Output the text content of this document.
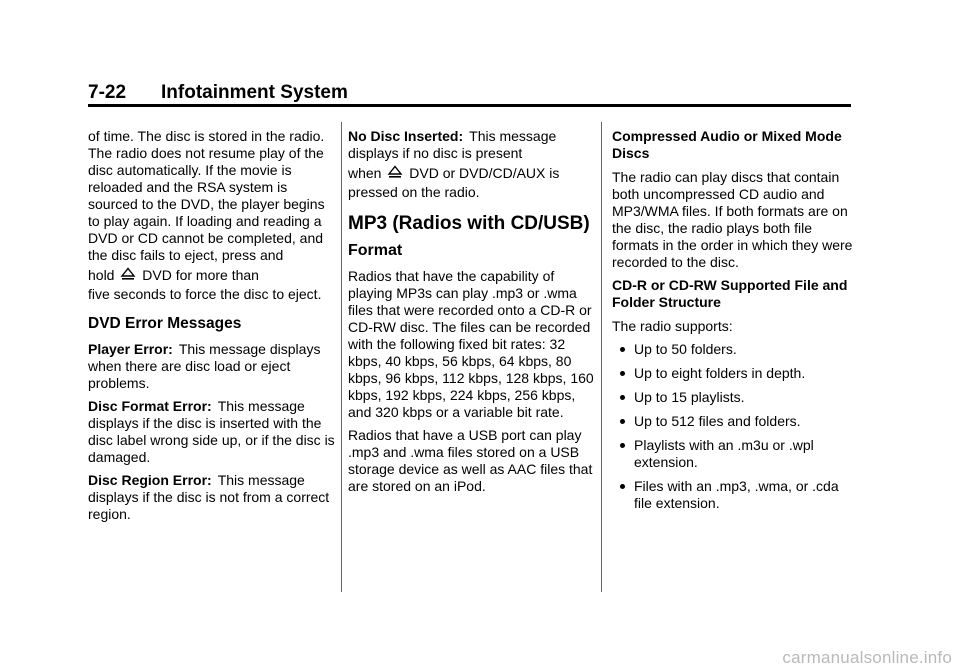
7-22 Infotainment System

of time. The disc is stored in the radio. The radio does not resume play of the disc automatically. If the movie is reloaded and the RSA system is sourced to the DVD, the player begins to play again. If loading and reading a DVD or CD cannot be completed, and the disc fails to eject, press and
hold DVD for more than
five seconds to force the disc to eject.

DVD Error Messages

Player Error: This message displays when there are disc load or eject problems.

Disc Format Error: This message displays if the disc is inserted with the disc label wrong side up, or if the disc is damaged.

Disc Region Error: This message displays if the disc is not from a correct region.

No Disc Inserted: This message displays if no disc is present
when DVD or DVD/CD/AUX is
pressed on the radio.

MP3 (Radios with CD/USB)
Format

Radios that have the capability of playing MP3s can play .mp3 or .wma files that were recorded onto a CD-R or CD-RW disc. The files can be recorded with the following fixed bit rates: 32 kbps, 40 kbps, 56 kbps, 64 kbps, 80 kbps, 96 kbps, 112 kbps, 128 kbps, 160 kbps, 192 kbps, 224 kbps, 256 kbps, and 320 kbps or a variable bit rate.

Radios that have a USB port can play .mp3 and .wma files stored on a USB storage device as well as AAC files that are stored on an iPod.

Compressed Audio or Mixed Mode Discs

The radio can play discs that contain both uncompressed CD audio and MP3/WMA files. If both formats are on the disc, the radio plays both file formats in the order in which they were recorded to the disc.

CD-R or CD-RW Supported File and Folder Structure

The radio supports:

Up to 50 folders.
Up to eight folders in depth.
Up to 15 playlists.
Up to 512 files and folders.
Playlists with an .m3u or .wpl extension.
Files with an .mp3, .wma, or .cda file extension.
carmanualsonline.info
